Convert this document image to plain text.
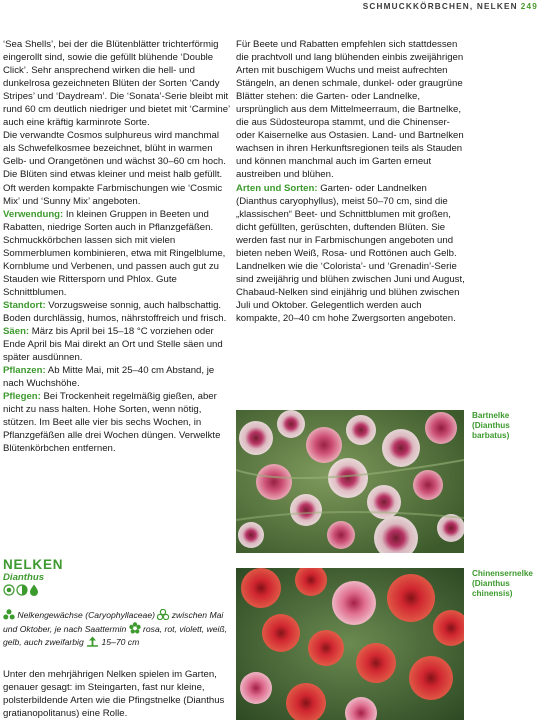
SCHMUCKKÖRBCHEN, NELKEN 249

‘Sea Shells’, bei der die Blütenblätter trichterförmig eingerollt sind, sowie die gefüllt blühende ‘Double Click’. Sehr ansprechend wirken die hell- und dunkelrosa gezeichneten Blüten der Sorten ‘Candy Stripes’ und ‘Daydream’. Die ‘Sonata’-Serie bleibt mit rund 60 cm deutlich niedriger und bietet mit ‘Carmine’ auch eine kräftig karminrote Sorte.

Die verwandte Cosmos sulphureus wird manchmal als Schwefelkosmee bezeichnet, blüht in warmen Gelb- und Orangetönen und wächst 30–60 cm hoch. Die Blüten sind etwas kleiner und meist halb gefüllt. Oft werden kompakte Farbmischungen wie ‘Cosmic Mix’ und ‘Sunny Mix’ angeboten.

Verwendung: In kleinen Gruppen in Beeten und Rabatten, niedrige Sorten auch in Pflanzgefäßen. Schmuckkörbchen lassen sich mit vielen Sommerblumen kombinieren, etwa mit Ringelblume, Kornblume und Verbenen, und passen auch gut zu Stauden wie Rittersporn und Phlox. Gute Schnittblumen.

Standort: Vorzugsweise sonnig, auch halbschattig. Boden durchlässig, humos, nährstoffreich und frisch.

Säen: März bis April bei 15–18 °C vorziehen oder Ende April bis Mai direkt an Ort und Stelle säen und später ausdünnen.

Pflanzen: Ab Mitte Mai, mit 25–40 cm Abstand, je nach Wuchshöhe.

Pflegen: Bei Trockenheit regelmäßig gießen, aber nicht zu nass halten. Hohe Sorten, wenn nötig, stützen. Im Beet alle vier bis sechs Wochen, in Pflanzgefäßen alle drei Wochen düngen. Verwelkte Blütenkörbchen entfernen.

NELKEN
Dianthus
Nelkengewächse (Caryophyllaceae)  zwischen Mai und Oktober, je nach Saattermin  rosa, rot, violett, weiß, gelb, auch zweifarbig  15–70 cm
Unter den mehrjährigen Nelken spielen im Garten, genauer gesagt: im Steingarten, fast nur kleine, polsterbildende Arten wie die Pfingstnelke (Dianthus gratianopolitanus) eine Rolle.

Für Beete und Rabatten empfehlen sich stattdessen die prachtvoll und lang blühenden einbis zweijährigen Arten mit buschigem Wuchs und meist aufrechten Stängeln, an denen schmale, dunkel- oder graugrüne Blätter stehen: die Garten- oder Landnelke, ursprünglich aus dem Mittelmeerraum, die Bartnelke, die aus Südosteuropa stammt, und die Chinenser- oder Kaisernelke aus Ostasien. Land- und Bartnelken wachsen in ihren Herkunftsregionen teils als Stauden und können manchmal auch im Garten erneut austreiben und blühen.

Arten und Sorten: Garten- oder Landnelken (Dianthus caryophyllus), meist 50–70 cm, sind die „klassischen“ Beet- und Schnittblumen mit großen, dicht gefüllten, gerüschten, duftenden Blüten. Sie werden fast nur in Farbmischungen angeboten und bieten neben Weiß, Rosa- und Rottönen auch Gelb. Landnelken wie die ‘Coloristа’- und ‘Grenadin’-Serie sind zweijährig und blühen zwischen Juni und August, Chabaud-Nelken sind einjährig und blühen zwischen Juli und Oktober. Gelegentlich werden auch kompakte, 20–40 cm hohe Zwergsorten angeboten.

Bartnelke
(Dianthus barbatus)
Chinensernelke
(Dianthus chinensis)
